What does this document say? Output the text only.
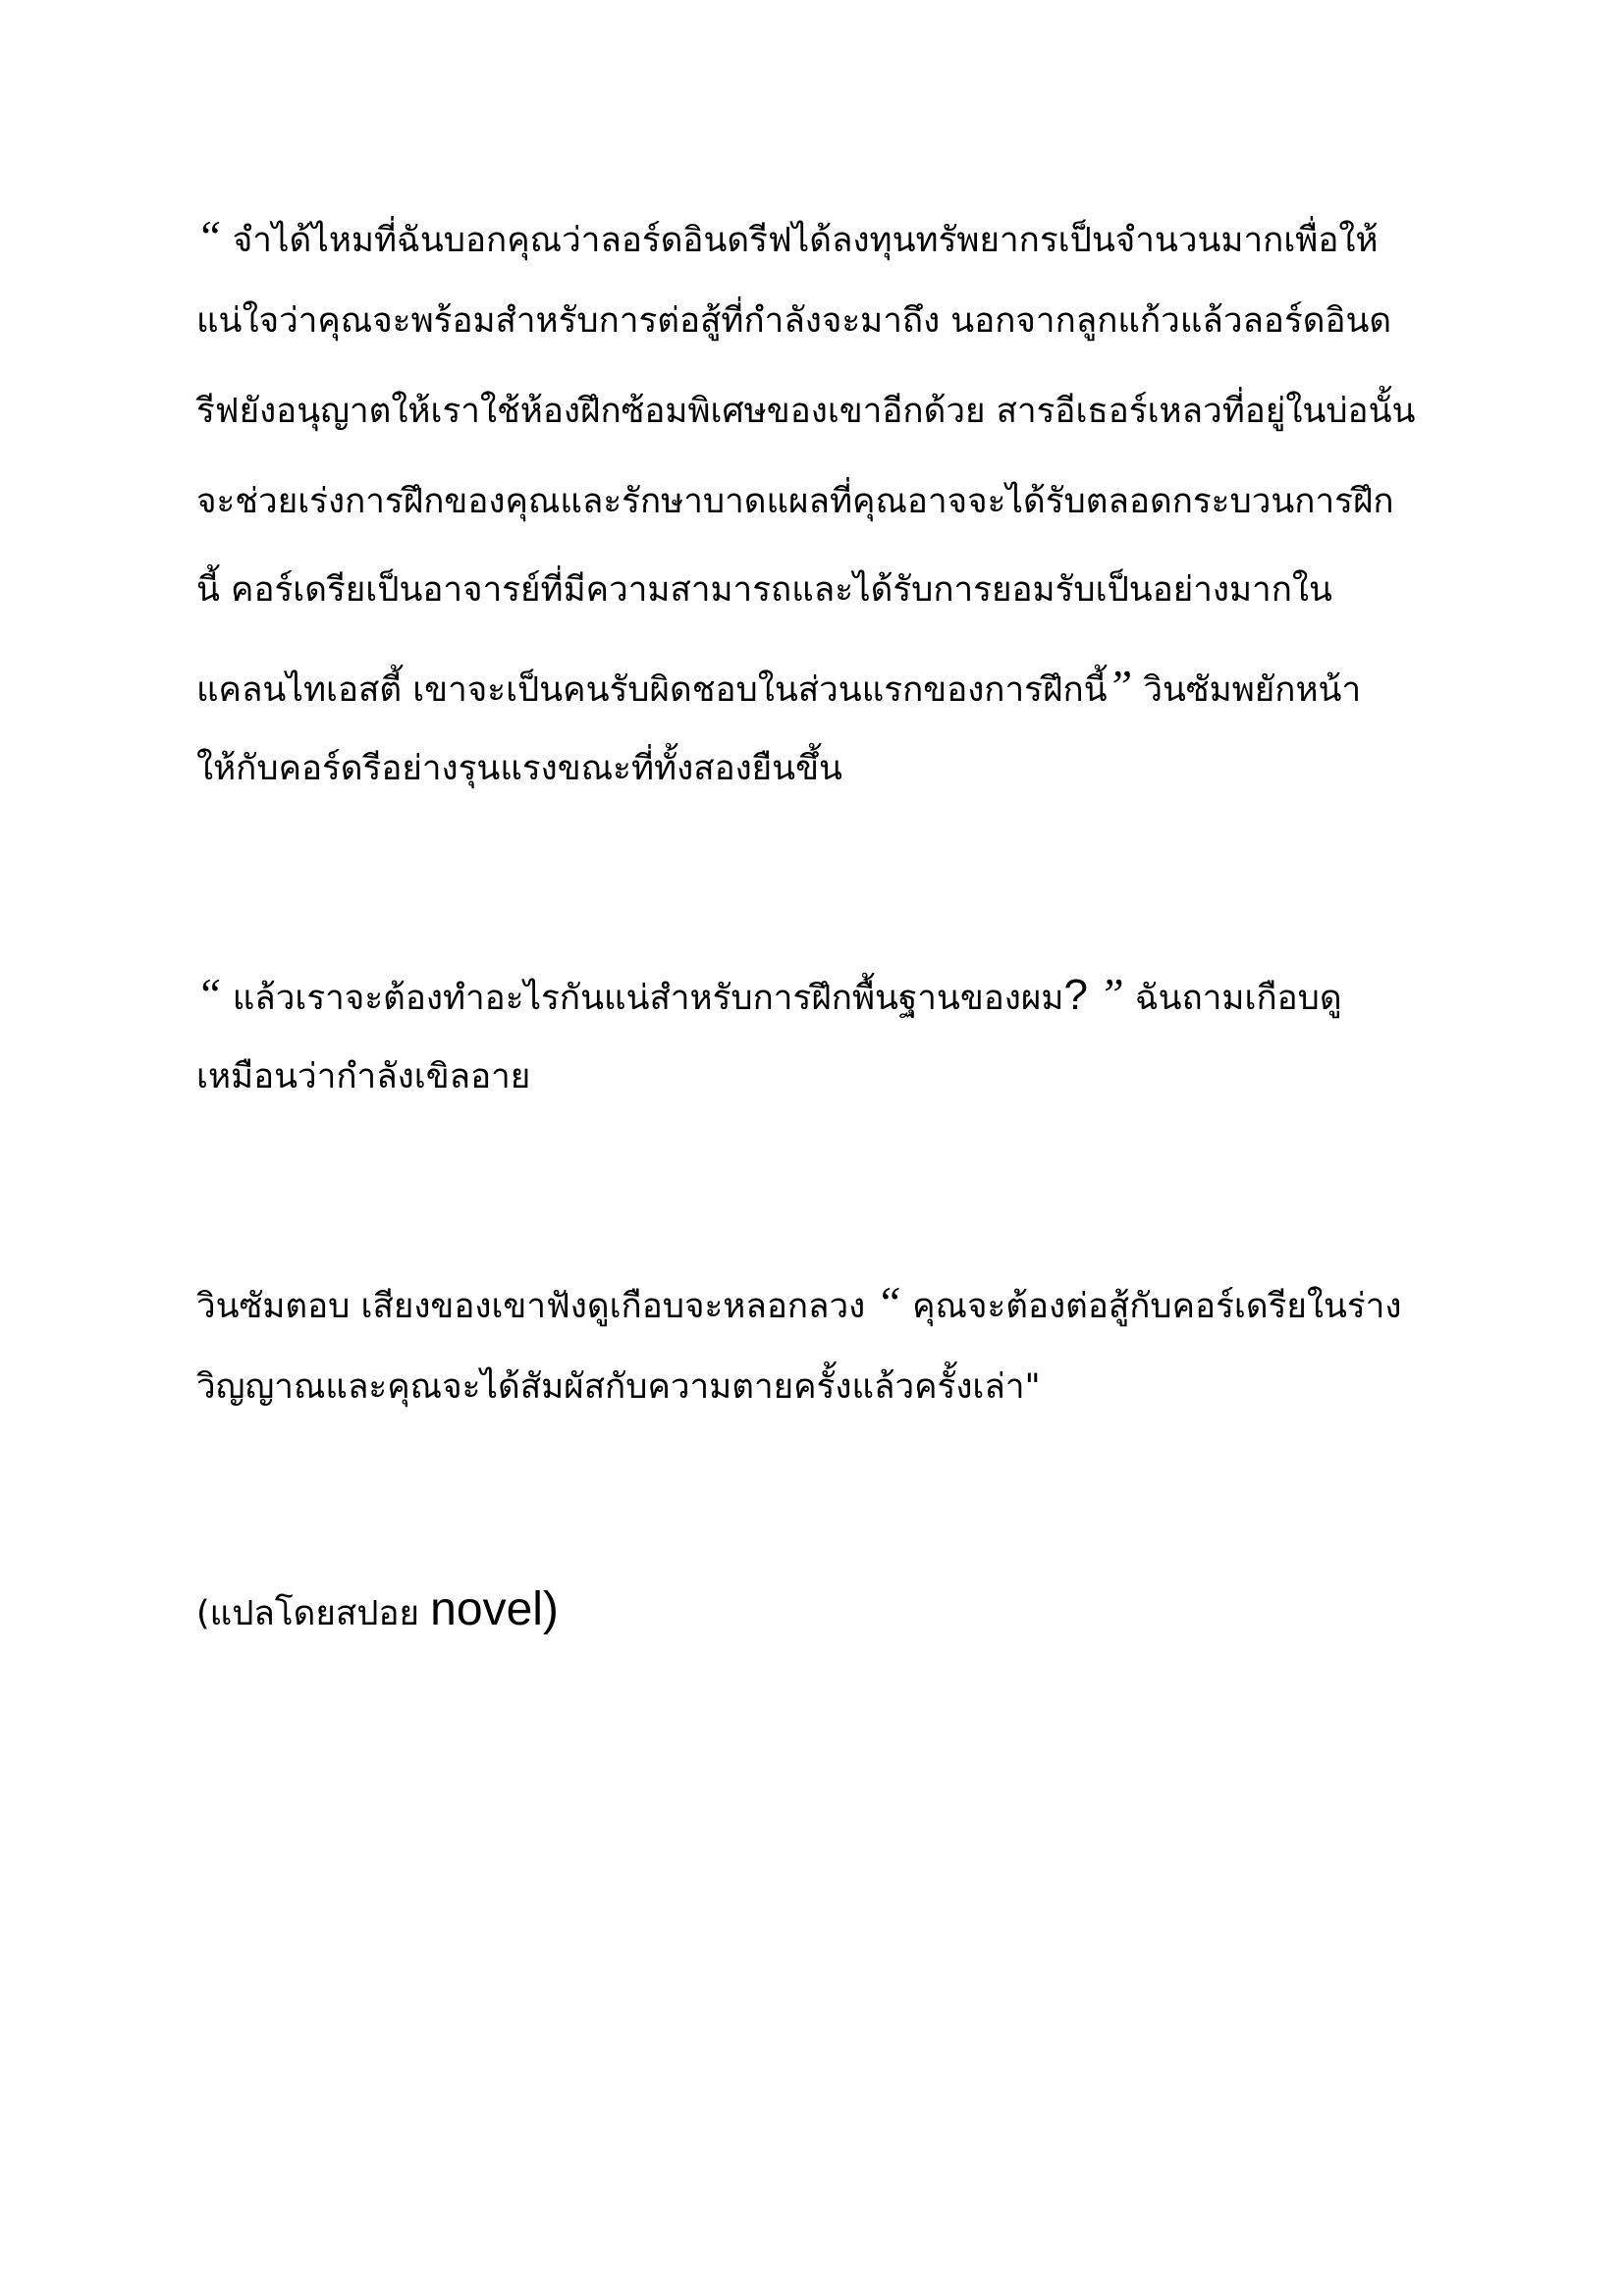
“ จำได้ไหมที่ฉันบอกคุณว่าลอร์ดอินดรีฟได้ลงทุนทรัพยากรเป็นจำนวนมากเพื่อให้
แน่ใจว่าคุณจะพร้อมสำหรับการต่อสู้ที่กำลังจะมาถึง นอกจากลูกแก้วแล้วลอร์ดอินด
รีฟยังอนุญาตให้เราใช้ห้องฝึกซ้อมพิเศษของเขาอีกด้วย สารอีเธอร์เหลวที่อยู่ในบ่อนั้น
จะช่วยเร่งการฝึกของคุณและรักษาบาดแผลที่คุณอาจจะได้รับตลอดกระบวนการฝึก
นี้ คอร์เดรียเป็นอาจารย์ที่มีความสามารถและได้รับการยอมรับเป็นอย่างมากใน
แคลนไทเอสตี้ เขาจะเป็นคนรับผิดชอบในส่วนแรกของการฝึกนี้” วินซัมพยักหน้า
ให้กับคอร์ดรีอย่างรุนแรงขณะที่ทั้งสองยืนขึ้น
“ แล้วเราจะต้องทำอะไรกันแน่สำหรับการฝึกพื้นฐานของผม? ” ฉันถามเกือบดู
เหมือนว่ากำลังเขิลอาย
วินซัมตอบ เสียงของเขาฟังดูเกือบจะหลอกลวง “ คุณจะต้องต่อสู้กับคอร์เดรียในร่าง
วิญญาณและคุณจะได้สัมผัสกับความตายครั้งแล้วครั้งเล่า"
(แปลโดยสปอย novel)
